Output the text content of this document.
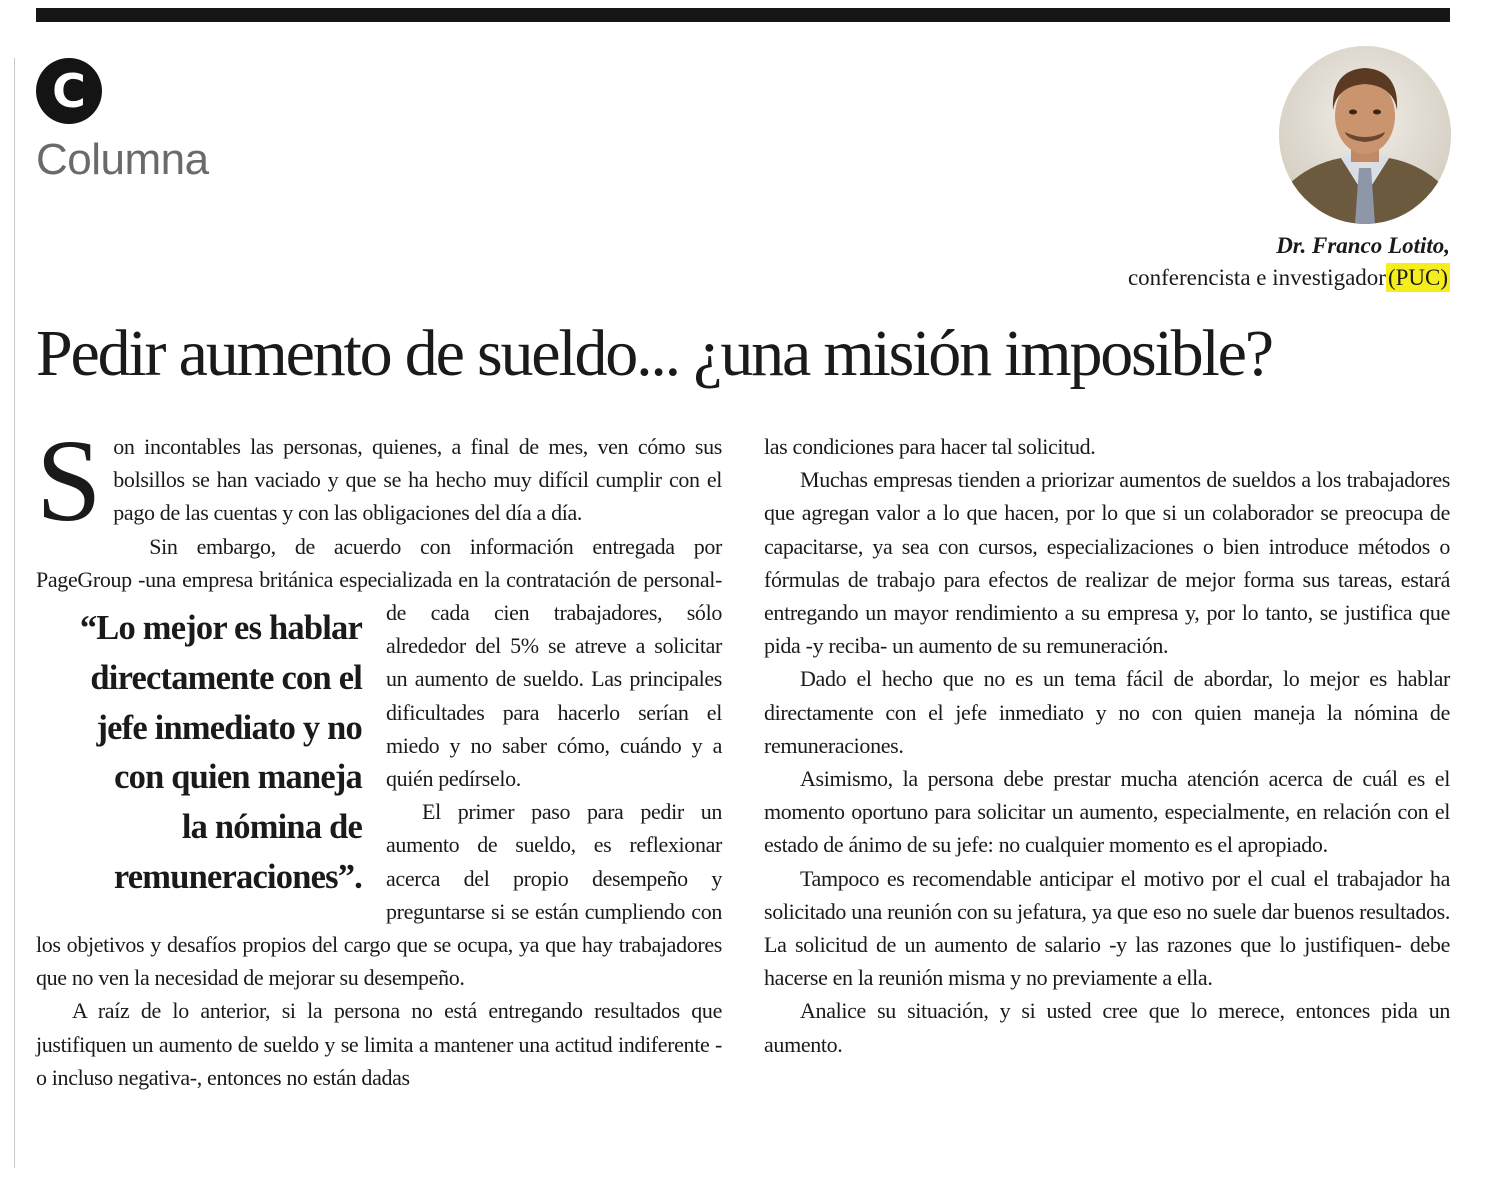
C
Columna
Dr. Franco Lotito,
conferencista e investigador(PUC)
Pedir aumento de sueldo... ¿una misión imposible?
S on incontables las personas, quienes, a final de mes, ven cómo sus bolsillos se han vaciado y que se ha hecho muy difícil cumplir con el pago de las cuentas y con las obligaciones del día a día.

Sin embargo, de acuerdo con información entregada por PageGroup -una empresa británica especializada en la contratación de
“Lo mejor es hablar
directamente con el
jefe inmediato y no
con quien maneja
la nómina de
remuneraciones”.
personal- de cada cien trabajadores, sólo alrededor del 5% se atreve a solicitar un aumento de sueldo. Las principales dificultades para hacerlo serían el miedo y no saber cómo, cuándo y a quién pedírselo.

El primer paso para pedir un aumento de sueldo, es reflexionar acerca del propio desempeño y preguntarse si se están cumpliendo con los objetivos y desafíos propios del cargo que se ocupa, ya que hay trabajadores que no ven la necesidad de mejorar su desempeño.

A raíz de lo anterior, si la persona no está entregando resultados que justifiquen un aumento de sueldo y se limita a mantener una actitud indiferente -o incluso negativa-, entonces no están dadas

las condiciones para hacer tal solicitud.

Muchas empresas tienden a priorizar aumentos de sueldos a los trabajadores que agregan valor a lo que hacen, por lo que si un colaborador se preocupa de capacitarse, ya sea con cursos, especializaciones o bien introduce métodos o fórmulas de trabajo para efectos de realizar de mejor forma sus tareas, estará entregando un mayor rendimiento a su empresa y, por lo tanto, se justifica que pida -y reciba- un aumento de su remuneración.

Dado el hecho que no es un tema fácil de abordar, lo mejor es hablar directamente con el jefe inmediato y no con quien maneja la nómina de remuneraciones.

Asimismo, la persona debe prestar mucha atención acerca de cuál es el momento oportuno para solicitar un aumento, especialmente, en relación con el estado de ánimo de su jefe: no cualquier momento es el apropiado.

Tampoco es recomendable anticipar el motivo por el cual el trabajador ha solicitado una reunión con su jefatura, ya que eso no suele dar buenos resultados. La solicitud de un aumento de salario -y las razones que lo justifiquen- debe hacerse en la reunión misma y no previamente a ella.

Analice su situación, y si usted cree que lo merece, entonces pida un aumento.
